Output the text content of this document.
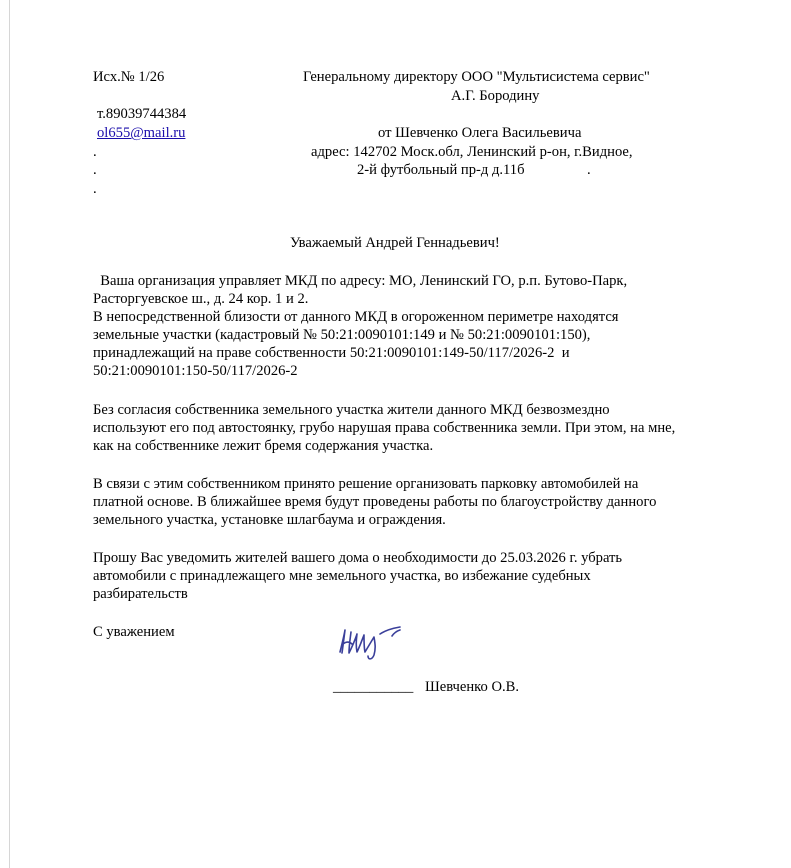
Исх.№ 1/26	Генеральному директору ООО "Мультисистема сервис"
А.Г. Бородину
т.89039744384
ol655@mail.ru
.
.
.
от Шевченко Олега Васильевича
адрес: 142702 Моск.обл, Ленинский р-он, г.Видное,
2-й футбольный пр-д д.11б	.
Уважаемый Андрей Геннадьевич!
Ваша организация управляет МКД по адресу: МО, Ленинский ГО, р.п. Бутово-Парк,
Расторгуевское ш., д. 24 кор. 1 и 2.
В непосредственной близости от данного МКД в огороженном периметре находятся
земельные участки (кадастровый № 50:21:0090101:149 и № 50:21:0090101:150),
принадлежащий на праве собственности 50:21:0090101:149-50/117/2026-2  и
50:21:0090101:150-50/117/2026-2
Без согласия собственника земельного участка жители данного МКД безвозмездно
используют его под автостоянку, грубо нарушая права собственника земли. При этом, на мне,
как на собственнике лежит бремя содержания участка.
В связи с этим собственником принято решение организовать парковку автомобилей на
платной основе. В ближайшее время будут проведены работы по благоустройству данного
земельного участка, установке шлагбаума и ограждения.
Прошу Вас уведомить жителей вашего дома о необходимости до 25.03.2026 г. убрать
автомобили с принадлежащего мне земельного участка, во избежание судебных
разбирательств
С уважением
___________ Шевченко О.В.
